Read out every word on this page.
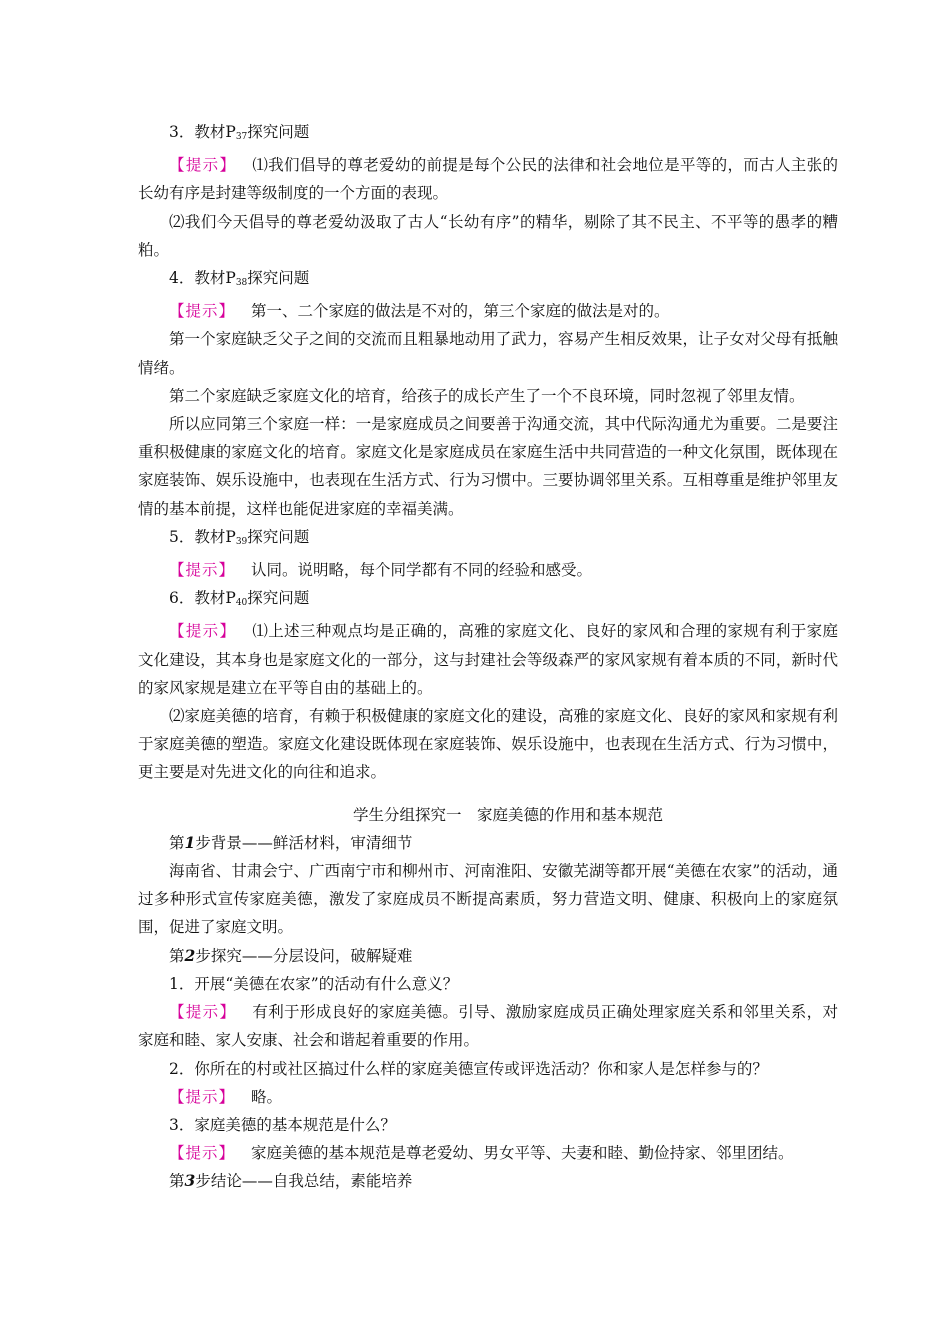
3．教材$P_{37}$探究问题

【提示】 ⑴我们倡导的尊老爱幼的前提是每个公民的法律和社会地位是平等的，而古人主张的长幼有序是封建等级制度的一个方面的表现。

⑵我们今天倡导的尊老爱幼汲取了古人“长幼有序”的精华，剔除了其不民主、不平等的愚孝的糟粕。

4．教材$P_{38}$探究问题

【提示】 第一、二个家庭的做法是不对的，第三个家庭的做法是对的。

第一个家庭缺乏父子之间的交流而且粗暴地动用了武力，容易产生相反效果，让子女对父母有抵触情绪。

第二个家庭缺乏家庭文化的培育，给孩子的成长产生了一个不良环境，同时忽视了邻里友情。

所以应同第三个家庭一样：一是家庭成员之间要善于沟通交流，其中代际沟通尤为重要。二是要注重积极健康的家庭文化的培育。家庭文化是家庭成员在家庭生活中共同营造的一种文化氛围，既体现在家庭装饰、娱乐设施中，也表现在生活方式、行为习惯中。三要协调邻里关系。互相尊重是维护邻里友情的基本前提，这样也能促进家庭的幸福美满。

5．教材$P_{39}$探究问题

【提示】 认同。说明略，每个同学都有不同的经验和感受。

6．教材$P_{40}$探究问题

【提示】 ⑴上述三种观点均是正确的，高雅的家庭文化、良好的家风和合理的家规有利于家庭文化建设，其本身也是家庭文化的一部分，这与封建社会等级森严的家风家规有着本质的不同，新时代的家风家规是建立在平等自由的基础上的。

⑵家庭美德的培育，有赖于积极健康的家庭文化的建设，高雅的家庭文化、良好的家风和家规有利于家庭美德的塑造。家庭文化建设既体现在家庭装饰、娱乐设施中，也表现在生活方式、行为习惯中，更主要是对先进文化的向往和追求。

学生分组探究一　家庭美德的作用和基本规范

第1步背景——鲜活材料，审清细节

海南省、甘肃会宁、广西南宁市和柳州市、河南淮阳、安徽芜湖等都开展“美德在农家”的活动，通过多种形式宣传家庭美德，激发了家庭成员不断提高素质，努力营造文明、健康、积极向上的家庭氛围，促进了家庭文明。

第2步探究——分层设问，破解疑难

1．开展“美德在农家”的活动有什么意义？

【提示】 有利于形成良好的家庭美德。引导、激励家庭成员正确处理家庭关系和邻里关系，对家庭和睦、家人安康、社会和谐起着重要的作用。

2．你所在的村或社区搞过什么样的家庭美德宣传或评选活动？你和家人是怎样参与的？

【提示】 略。

3．家庭美德的基本规范是什么？

【提示】 家庭美德的基本规范是尊老爱幼、男女平等、夫妻和睦、勤俭持家、邻里团结。

第3步结论——自我总结，素能培养
